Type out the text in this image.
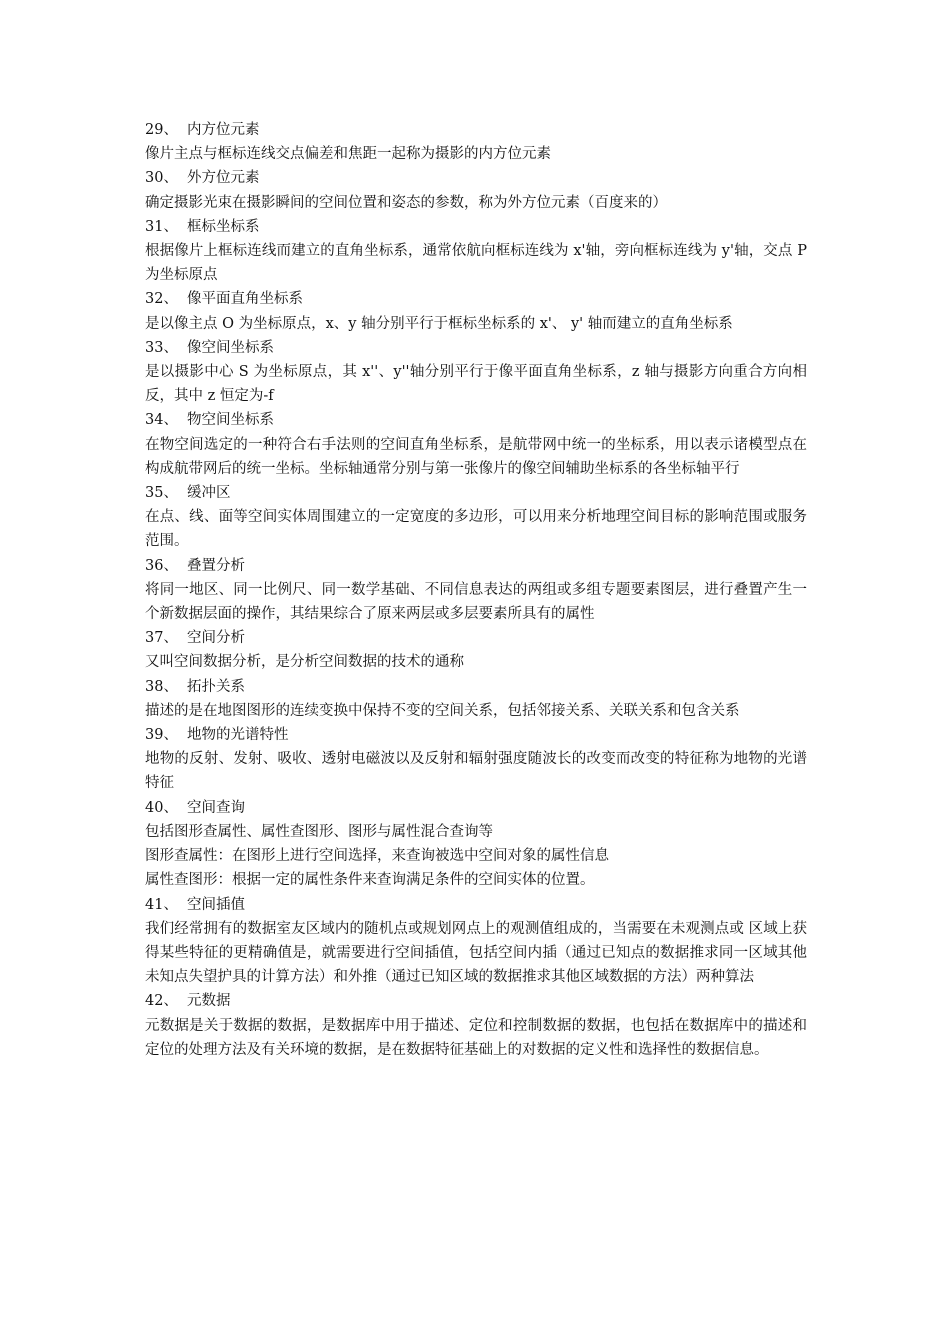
29、 内方位元素

像片主点与框标连线交点偏差和焦距一起称为摄影的内方位元素

30、 外方位元素

确定摄影光束在摄影瞬间的空间位置和姿态的参数，称为外方位元素（百度来的）

31、 框标坐标系

根据像片上框标连线而建立的直角坐标系，通常依航向框标连线为 x'轴，旁向框标连线为 y'轴，交点 P 为坐标原点

32、 像平面直角坐标系

是以像主点 O 为坐标原点，x、y 轴分别平行于框标坐标系的 x'、 y' 轴而建立的直角坐标系

33、 像空间坐标系

是以摄影中心 S 为坐标原点，其 x''、y''轴分别平行于像平面直角坐标系，z 轴与摄影方向重合方向相反，其中 z 恒定为-f

34、 物空间坐标系

在物空间选定的一种符合右手法则的空间直角坐标系，是航带网中统一的坐标系，用以表示诸模型点在构成航带网后的统一坐标。坐标轴通常分别与第一张像片的像空间辅助坐标系的各坐标轴平行

35、 缓冲区

在点、线、面等空间实体周围建立的一定宽度的多边形，可以用来分析地理空间目标的影响范围或服务范围。

36、 叠置分析

将同一地区、同一比例尺、同一数学基础、不同信息表达的两组或多组专题要素图层，进行叠置产生一个新数据层面的操作，其结果综合了原来两层或多层要素所具有的属性

37、 空间分析

又叫空间数据分析，是分析空间数据的技术的通称

38、 拓扑关系

描述的是在地图图形的连续变换中保持不变的空间关系，包括邻接关系、关联关系和包含关系

39、 地物的光谱特性

地物的反射、发射、吸收、透射电磁波以及反射和辐射强度随波长的改变而改变的特征称为地物的光谱特征

40、 空间查询

包括图形查属性、属性查图形、图形与属性混合查询等

图形查属性：在图形上进行空间选择，来查询被选中空间对象的属性信息

属性查图形：根据一定的属性条件来查询满足条件的空间实体的位置。

41、 空间插值

我们经常拥有的数据室友区域内的随机点或规划网点上的观测值组成的，当需要在未观测点或 区域上获得某些特征的更精确值是，就需要进行空间插值，包括空间内插（通过已知点的数据推求同一区域其他未知点失望护具的计算方法）和外推（通过已知区域的数据推求其他区域数据的方法）两种算法

42、 元数据

元数据是关于数据的数据，是数据库中用于描述、定位和控制数据的数据，也包括在数据库中的描述和定位的处理方法及有关环境的数据，是在数据特征基础上的对数据的定义性和选择性的数据信息。
